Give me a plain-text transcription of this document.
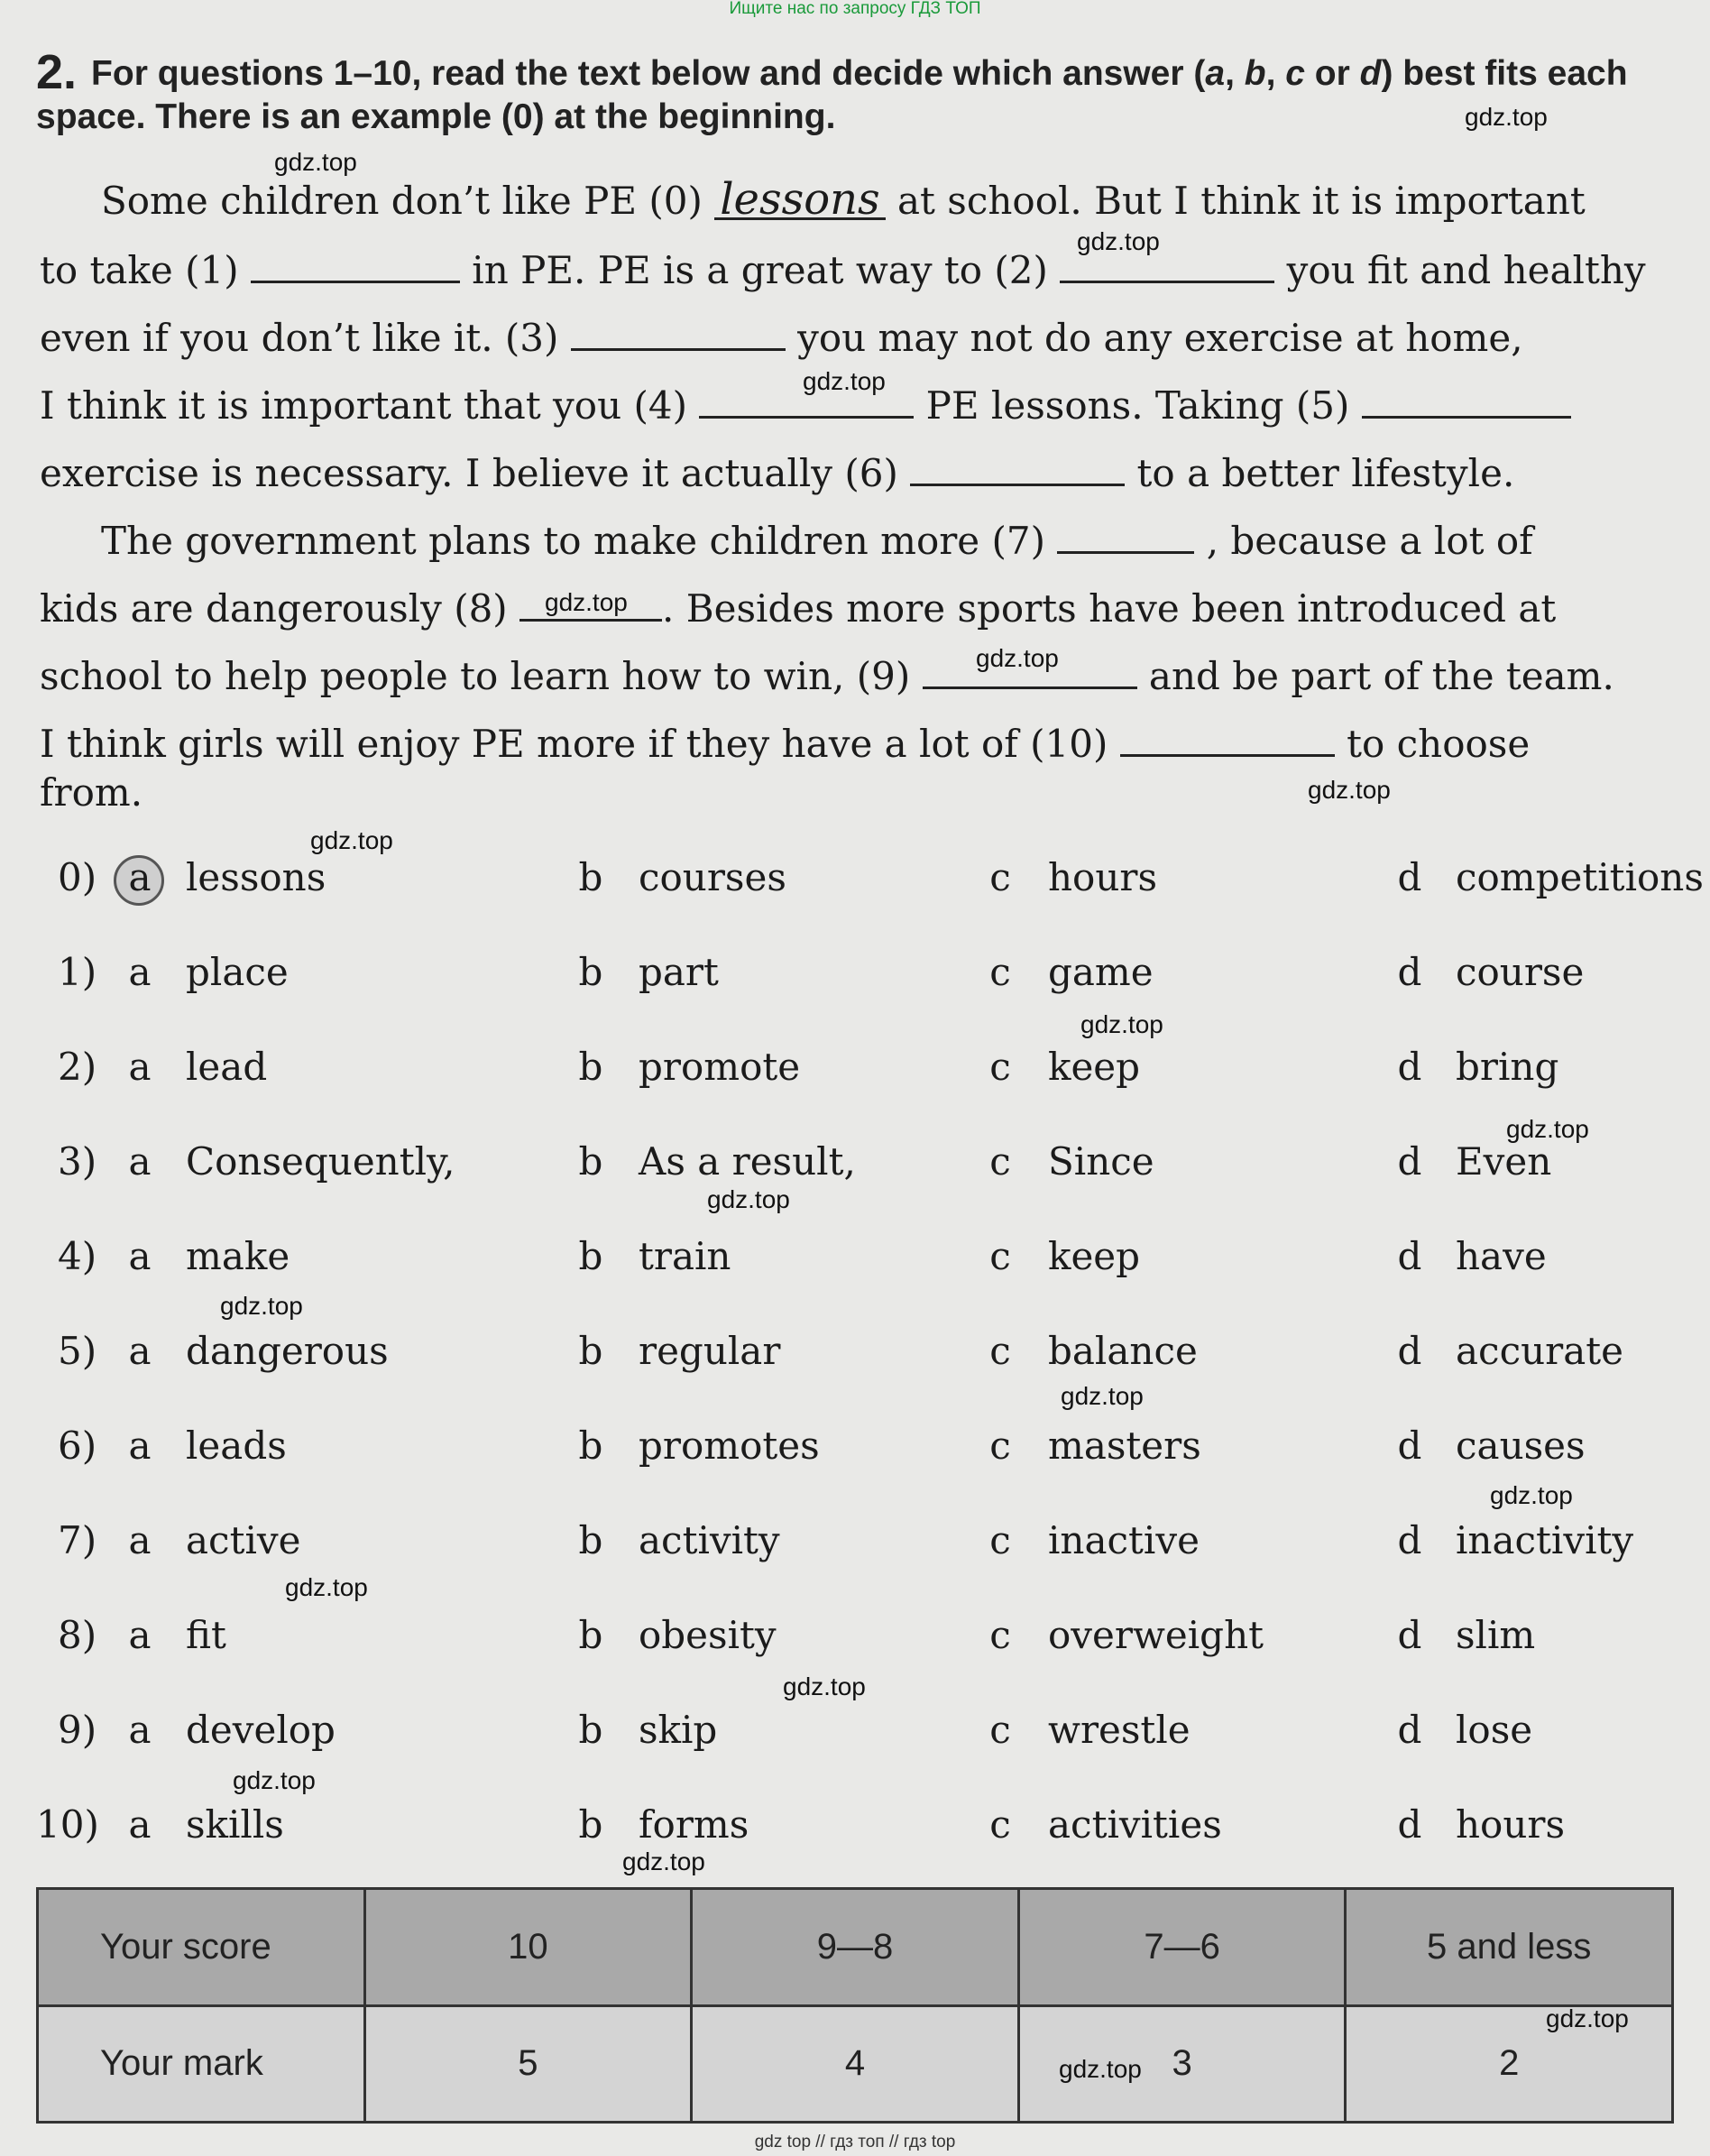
Ищите нас по запросу ГДЗ ТОП
2. For questions 1–10, read the text below and decide which answer (a, b, c or d) best fits each space. There is an example (0) at the beginning.
Some children don’t like PE (0) lessons at school. But I think it is important
to take (1)	in PE. PE is a great way to (2)	you fit and healthy
even if you don’t like it. (3)	you may not do any exercise at home,
I think it is important that you (4)	PE lessons. Taking (5)
exercise is necessary. I believe it actually (6)	to a better lifestyle.
The government plans to make children more (7)	, because a lot of
kids are dangerously (8)	. Besides more sports have been introduced at
school to help people to learn how to win, (9)	and be part of the team.
I think girls will enjoy PE more if they have a lot of (10)	to choose
from.
0) a lessons	b courses	c hours	d competitions
1) a place	b part	c game	d course
2) a lead	b promote	c keep	d bring
3) a Consequently,	b As a result,	c Since	d Even
4) a make	b train	c keep	d have
5) a dangerous	b regular	c balance	d accurate
6) a leads	b promotes	c masters	d causes
7) a active	b activity	c inactive	d inactivity
8) a fit	b obesity	c overweight	d slim
9) a develop	b skip	c wrestle	d lose
10) a skills	b forms	c activities	d hours
Your score	10	9—8	7—6	5 and less
Your mark	5	4	3	2
gdz.top
gdz.top
gdz.top
gdz.top
gdz.top
gdz.top
gdz.top
gdz.top
gdz.top
gdz.top
gdz.top
gdz.top
gdz.top
gdz.top
gdz.top
gdz.top
gdz.top
gdz.top
gdz.top
gdz.top
gdz top // гдз топ // гдз top
